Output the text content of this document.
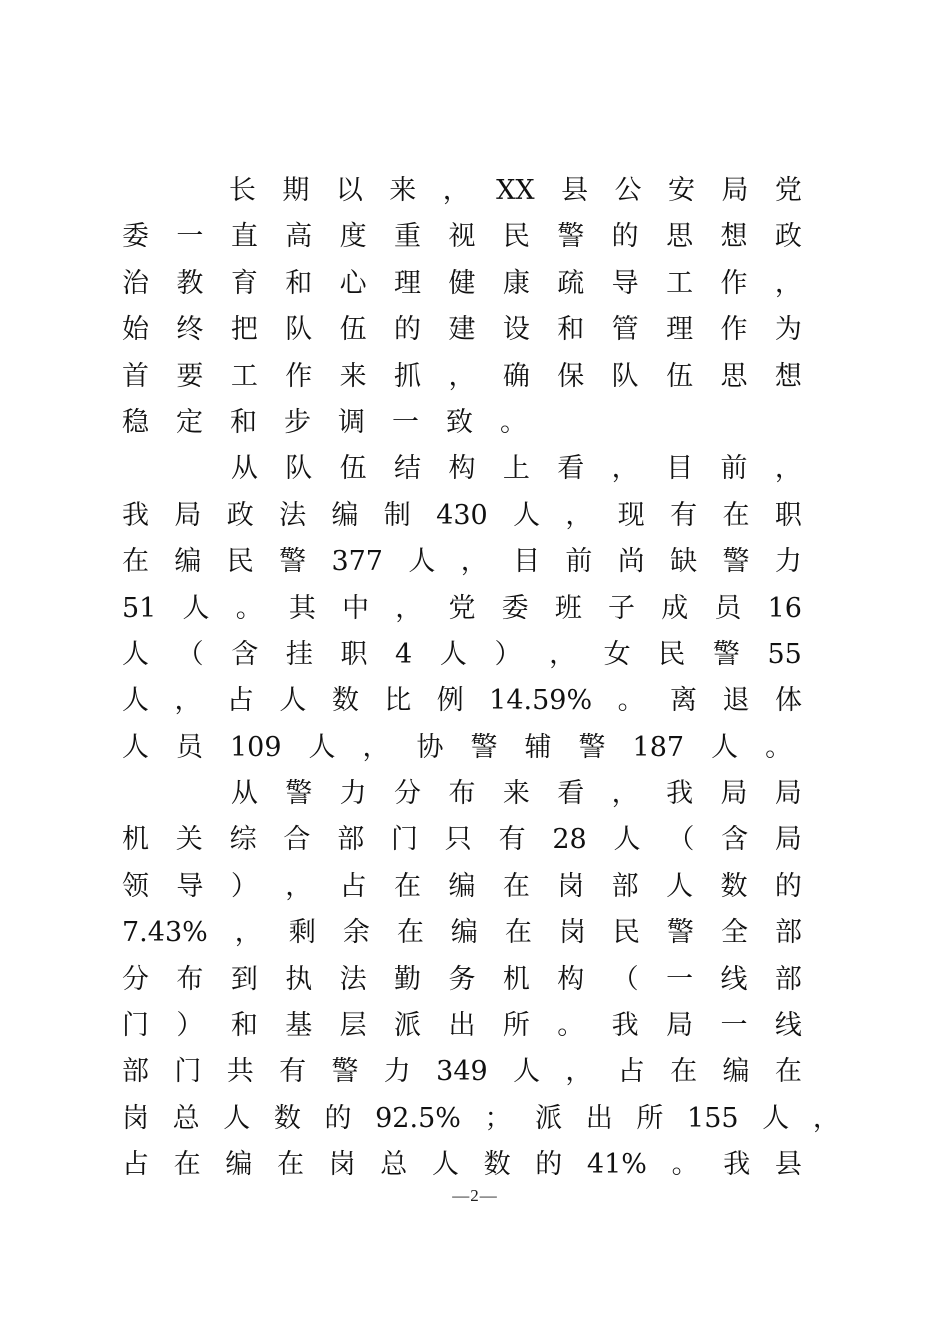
　　长 期 以 来 ， XX 县 公 安 局 党
委 一 直 高 度 重 视 民 警 的 思 想 政
治 教 育 和 心 理 健 康 疏 导 工 作 ，
始 终 把 队 伍 的 建 设 和 管 理 作 为
首 要 工 作 来 抓 ， 确 保 队 伍 思 想
稳 定 和 步 调 一 致 。
　　从 队 伍 结 构 上 看 ， 目 前 ，
我 局 政 法 编 制 430 人 ， 现 有 在 职
在 编 民 警 377 人 ， 目 前 尚 缺 警 力
51 人 。 其 中 ， 党 委 班 子 成 员 16
人 （ 含 挂 职 4 人 ） ， 女 民 警 55
人 ， 占 人 数 比 例 14.59% 。 离 退 体
人 员 109 人 ， 协 警 辅 警 187 人 。
　　从 警 力 分 布 来 看 ， 我 局 局
机 关 综 合 部 门 只 有 28 人 （ 含 局
领 导 ） ， 占 在 编 在 岗 部 人 数 的
7.43% ， 剩 余 在 编 在 岗 民 警 全 部
分 布 到 执 法 勤 务 机 构 （ 一 线 部
门 ） 和 基 层 派 出 所 。 我 局 一 线
部 门 共 有 警 力 349 人 ， 占 在 编 在
岗 总 人 数 的 92.5% ； 派 出 所 155 人 ，
占 在 编 在 岗 总 人 数 的 41% 。 我 县
—2—
